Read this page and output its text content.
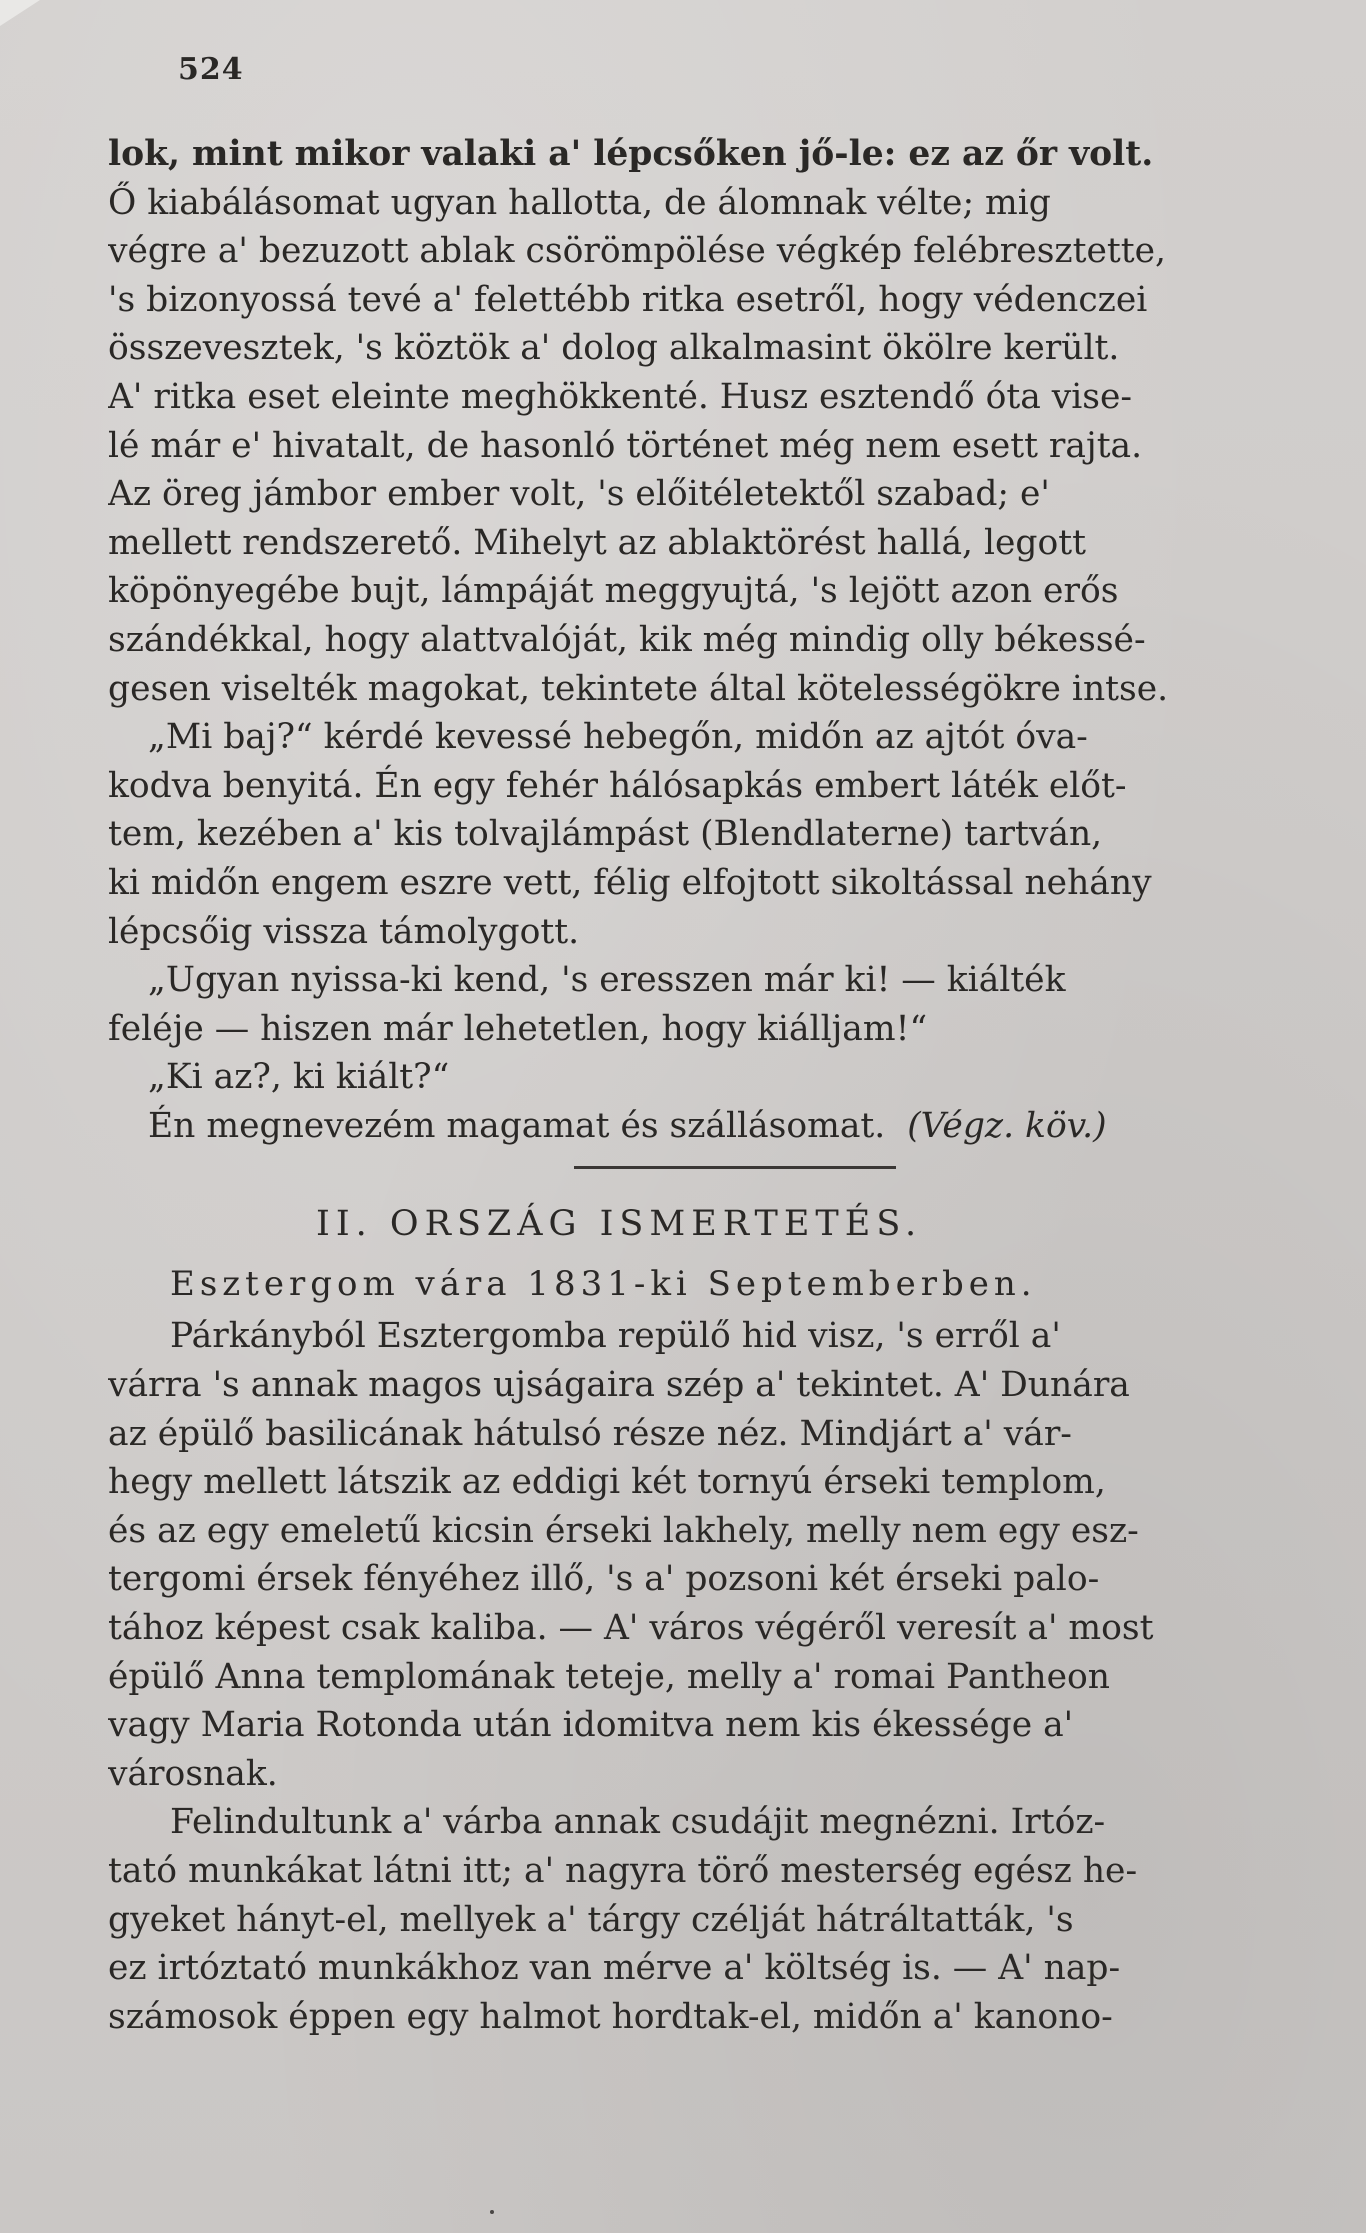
524
lok, mint mikor valaki a' lépcsőken jő-le: ez az őr volt.
Ő kiabálásomat ugyan hallotta, de álomnak vélte; mig
végre a' bezuzott ablak csörömpölése végkép felébresztette,
's bizonyossá tevé a' felettébb ritka esetről, hogy védenczei
összevesztek, 's köztök a' dolog alkalmasint ökölre került.
A' ritka eset eleinte meghökkenté. Husz esztendő óta vise-
lé már e' hivatalt, de hasonló történet még nem esett rajta.
Az öreg jámbor ember volt, 's előitéletektől szabad; e'
mellett rendszerető. Mihelyt az ablaktörést hallá, legott
köpönyegébe bujt, lámpáját meggyujtá, 's lejött azon erős
szándékkal, hogy alattvalóját, kik még mindig olly békessé-
gesen viselték magokat, tekintete által kötelességökre intse.
„Mi baj?“ kérdé kevessé hebegőn, midőn az ajtót óva-
kodva benyitá. Én egy fehér hálósapkás embert láték előt-
tem, kezében a' kis tolvajlámpást (Blendlaterne) tartván,
ki midőn engem eszre vett, félig elfojtott sikoltással nehány
lépcsőig vissza támolygott.
„Ugyan nyissa-ki kend, 's eresszen már ki! — kiálték
feléje — hiszen már lehetetlen, hogy kiálljam!“
„Ki az?, ki kiált?“
Én megnevezém magamat és szállásomat. (Végz. köv.)
II. ORSZÁG ISMERTETÉS.
Esztergom vára 1831-ki Septemberben.
Párkányból Esztergomba repülő hid visz, 's erről a'
várra 's annak magos ujságaira szép a' tekintet. A' Dunára
az épülő basilicának hátulsó része néz. Mindjárt a' vár-
hegy mellett látszik az eddigi két tornyú érseki templom,
és az egy emeletű kicsin érseki lakhely, melly nem egy esz-
tergomi érsek fényéhez illő, 's a' pozsoni két érseki palo-
tához képest csak kaliba. — A' város végéről veresít a' most
épülő Anna templomának teteje, melly a' romai Pantheon
vagy Maria Rotonda után idomitva nem kis ékessége a'
városnak.
Felindultunk a' várba annak csudájit megnézni. Irtóz-
tató munkákat látni itt; a' nagyra törő mesterség egész he-
gyeket hányt-el, mellyek a' tárgy czélját hátráltatták, 's
ez irtóztató munkákhoz van mérve a' költség is. — A' nap-
számosok éppen egy halmot hordtak-el, midőn a' kanono-
